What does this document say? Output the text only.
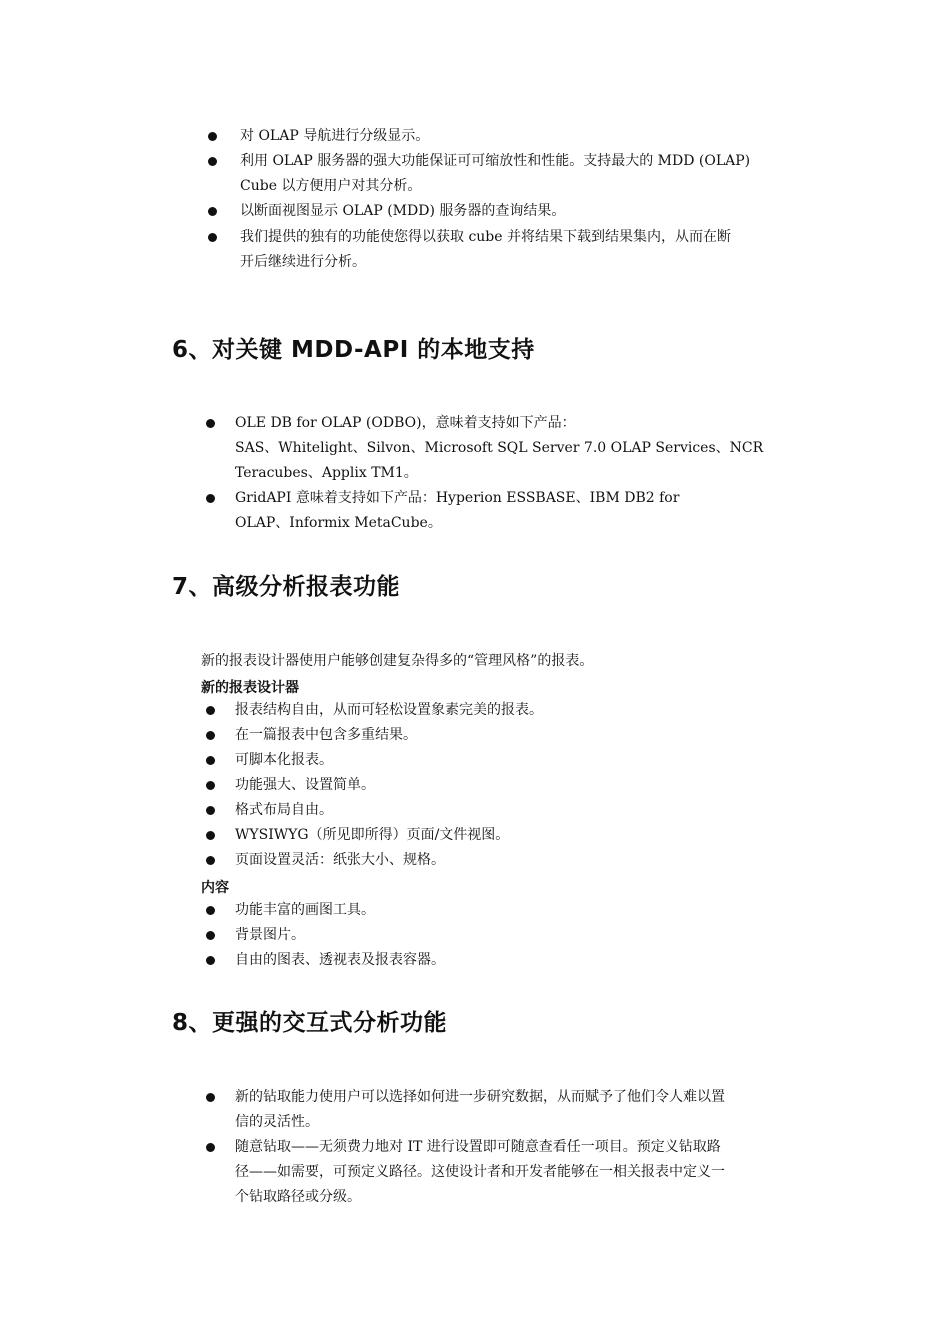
对 OLAP 导航进行分级显示。
利用 OLAP 服务器的强大功能保证可可缩放性和性能。支持最大的 MDD (OLAP)
Cube 以方便用户对其分析。
以断面视图显示 OLAP (MDD) 服务器的查询结果。
我们提供的独有的功能使您得以获取 cube 并将结果下载到结果集内，从而在断
开后继续进行分析。
6、对关键 MDD-API 的本地支持
OLE DB for OLAP (ODBO)，意味着支持如下产品：
SAS、Whitelight、Silvon、Microsoft SQL Server 7.0 OLAP Services、NCR
Teracubes、Applix TM1。
GridAPI 意味着支持如下产品：Hyperion ESSBASE、IBM DB2 for
OLAP、Informix MetaCube。
7、高级分析报表功能
新的报表设计器使用户能够创建复杂得多的“管理风格”的报表。
新的报表设计器
报表结构自由，从而可轻松设置象素完美的报表。
在一篇报表中包含多重结果。
可脚本化报表。
功能强大、设置简单。
格式布局自由。
WYSIWYG（所见即所得）页面/文件视图。
页面设置灵活：纸张大小、规格。
内容
功能丰富的画图工具。
背景图片。
自由的图表、透视表及报表容器。
8、更强的交互式分析功能
新的钻取能力使用户可以选择如何进一步研究数据，从而赋予了他们令人难以置
信的灵活性。
随意钻取——无须费力地对 IT 进行设置即可随意查看任一项目。预定义钻取路
径——如需要，可预定义路径。这使设计者和开发者能够在一相关报表中定义一
个钻取路径或分级。
